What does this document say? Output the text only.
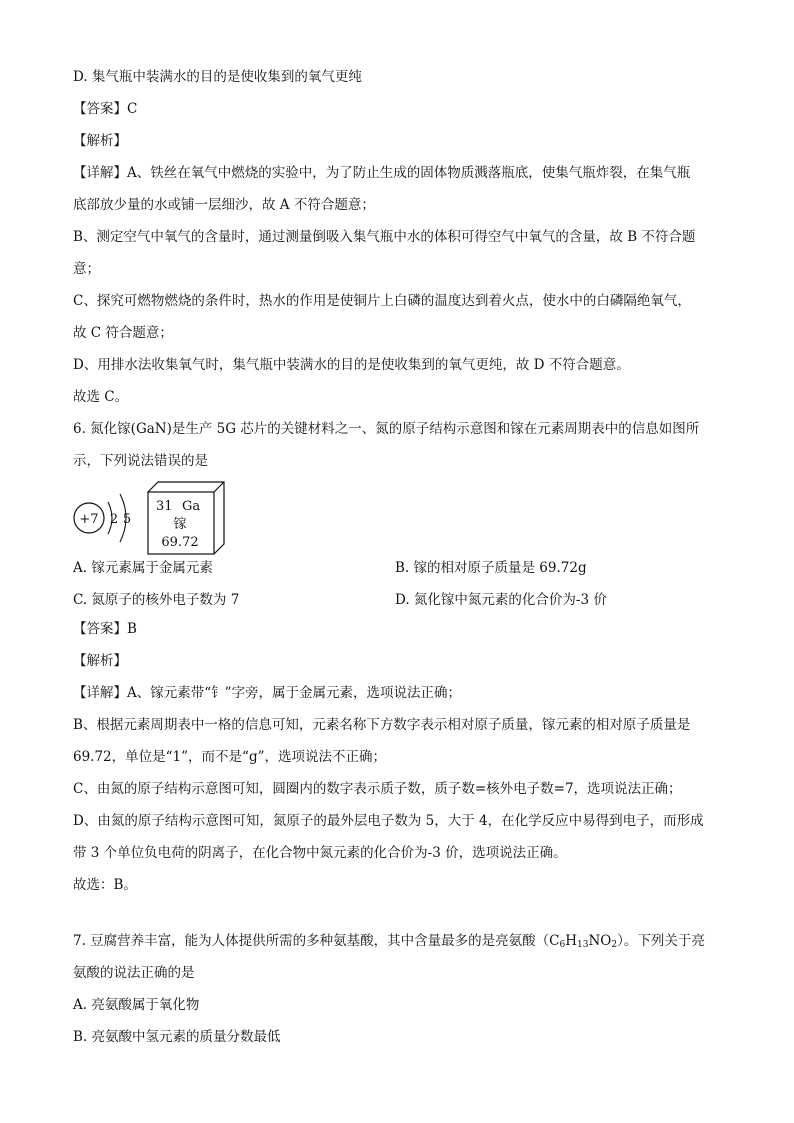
D. 集气瓶中装满水的目的是使收集到的氧气更纯
【答案】C
【解析】
【详解】A、铁丝在氧气中燃烧的实验中，为了防止生成的固体物质溅落瓶底，使集气瓶炸裂，在集气瓶
底部放少量的水或铺一层细沙，故 A 不符合题意；
B、测定空气中氧气的含量时，通过测量倒吸入集气瓶中水的体积可得空气中氧气的含量，故 B 不符合题
意；
C、探究可燃物燃烧的条件时，热水的作用是使铜片上白磷的温度达到着火点，使水中的白磷隔绝氧气，
故 C 符合题意；
D、用排水法收集氧气时，集气瓶中装满水的目的是使收集到的氧气更纯，故 D 不符合题意。
故选 C。
6. 氮化镓(GaN)是生产 5G 芯片的关键材料之一、氮的原子结构示意图和镓在元素周期表中的信息如图所
示，下列说法错误的是
+7 2 5
31 Ga
镓
69.72
A. 镓元素属于金属元素	B. 镓的相对原子质量是 69.72g
C. 氮原子的核外电子数为 7	D. 氮化镓中氮元素的化合价为-3 价
【答案】B
【解析】
【详解】A、镓元素带“钅”字旁，属于金属元素，选项说法正确；
B、根据元素周期表中一格的信息可知，元素名称下方数字表示相对原子质量，镓元素的相对原子质量是
69.72，单位是“1”，而不是“g”，选项说法不正确；
C、由氮的原子结构示意图可知，圆圈内的数字表示质子数，质子数=核外电子数=7，选项说法正确；
D、由氮的原子结构示意图可知，氮原子的最外层电子数为 5，大于 4，在化学反应中易得到电子，而形成
带 3 个单位负电荷的阴离子，在化合物中氮元素的化合价为-3 价，选项说法正确。
故选：B。
7. 豆腐营养丰富，能为人体提供所需的多种氨基酸，其中含量最多的是亮氨酸$(C_6H_{13}NO_2)$。下列关于亮
氨酸的说法正确的是
A. 亮氨酸属于氧化物
B. 亮氨酸中氢元素的质量分数最低
